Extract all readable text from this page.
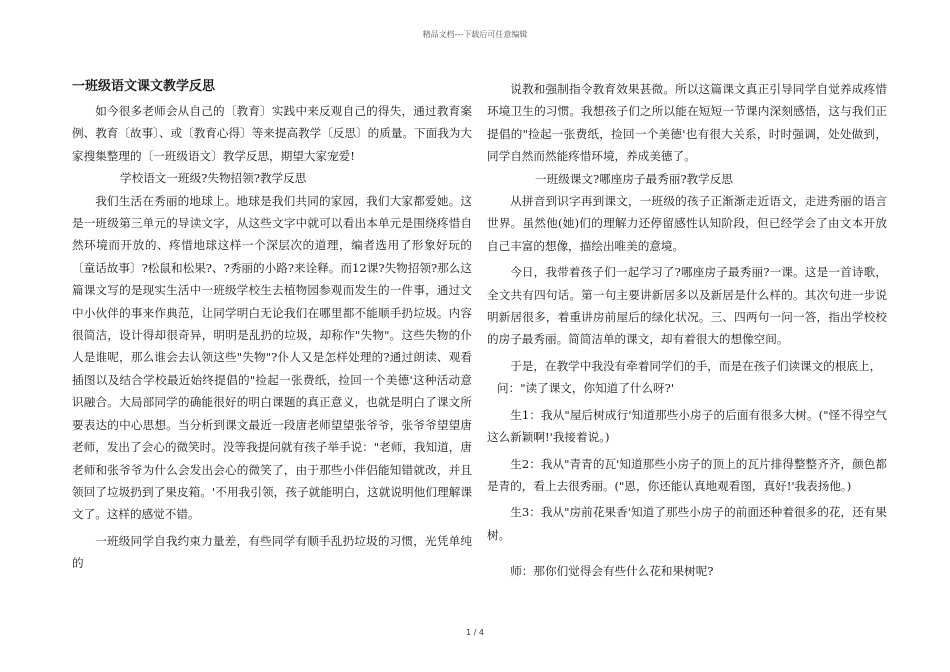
精品文档---下载后可任意编辑
一班级语文课文教学反思

如今很多老师会从自己的〔教育〕实践中来反观自己的得失，通过教育案例、教育〔故事〕、或〔教育心得〕等来提高教学〔反思〕的质量。下面我为大家搜集整理的〔一班级语文〕教学反思，期望大家宠爱!

学校语文一班级?失物招领?教学反思

我们生活在秀丽的地球上。地球是我们共同的家园，我们大家都爱她。这是一班级第三单元的导读文字，从这些文字中就可以看出本单元是围绕疼惜自然环境而开放的、疼惜地球这样一个深层次的道理，编者选用了形象好玩的〔童话故事〕?松鼠和松果?、?秀丽的小路?来诠释。而12课?失物招领?那么这篇课文写的是现实生活中一班级学校生去植物园参观而发生的一件事，通过文中小伙伴的事来作典范，让同学明白无论我们在哪里都不能顺手扔垃圾。内容很简洁，设计得却很奇异，明明是乱扔的垃圾，却称作"失物"。这些失物的仆人是谁呢，那么谁会去认领这些"失物"?仆人又是怎样处理的?通过朗读、观看插图以及结合学校最近始终提倡的"捡起一张费纸，捡回一个美德'这种活动意识融合。大局部同学的确能很好的明白课题的真正意义，也就是明白了课文所要表达的中心思想。当分析到课文最近一段唐老师望望张爷爷，张爷爷望望唐老师，发出了会心的微笑时。没等我提问就有孩子举手说："老师，我知道，唐老师和张爷爷为什么会发出会心的微笑了，由于那些小伴侣能知错就改，并且领回了垃圾扔到了果皮箱。'不用我引领，孩子就能明白，这就说明他们理解课文了。这样的感觉不错。

一班级同学自我约束力量差，有些同学有顺手乱扔垃圾的习惯，光凭单纯的

说教和强制指令教育效果甚微。所以这篇课文真正引导同学自觉养成疼惜环境卫生的习惯。我想孩子们之所以能在短短一节课内深刻感悟，这与我们正提倡的"捡起一张费纸，捡回一个美德'也有很大关系，时时强调，处处做到，同学自然而然能疼惜环境，养成美德了。

一班级课文?哪座房子最秀丽?教学反思

从拼音到识字再到课文，一班级的孩子正渐渐走近语文，走进秀丽的语言世界。虽然他(她)们的理解力还停留感性认知阶段，但已经学会了由文本开放自己丰富的想像，描绘出唯美的意境。

今日，我带着孩子们一起学习了?哪座房子最秀丽?一课。这是一首诗歌，全文共有四句话。第一句主要讲新居多以及新居是什么样的。其次句进一步说明新居很多，着重讲房前屋后的绿化状况。三、四两句一问一答，指出学校校的房子最秀丽。简简洁单的课文，却有着很大的想像空间。

于是，在教学中我没有牵着同学们的手，而是在孩子们读课文的根底上，

问："读了课文，你知道了什么呀?'

生1：我从"屋后树成行'知道那些小房子的后面有很多大树。("怪不得空气这么新颖啊!'我接着说。)

生2：我从"青青的瓦'知道那些小房子的顶上的瓦片排得整整齐齐，颜色都是青的，看上去很秀丽。("恩，你还能认真地观看图，真好!'我表扬他。)

生3：我从"房前花果香'知道了那些小房子的前面还种着很多的花，还有果树。

师：那你们觉得会有些什么花和果树呢?

1 / 4
